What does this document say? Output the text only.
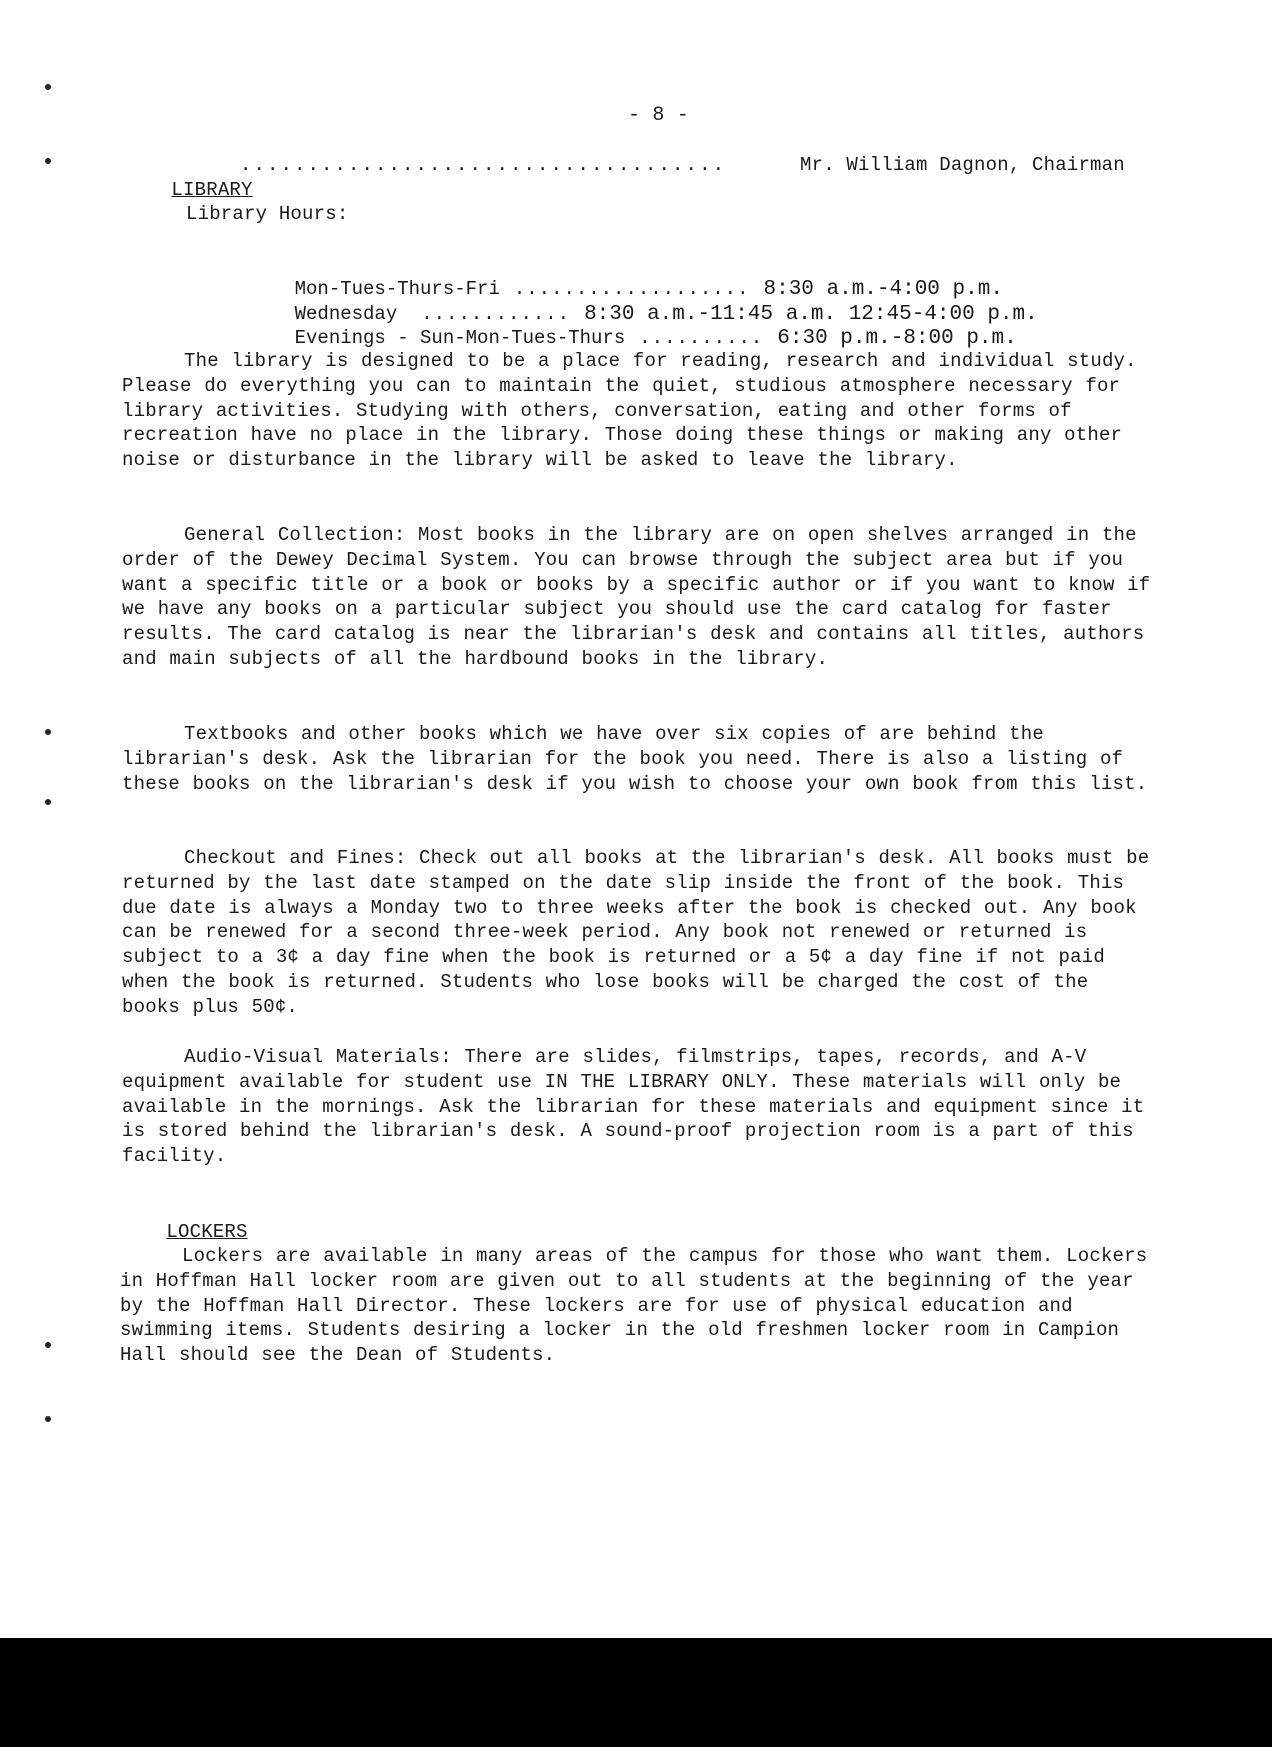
- 8 -

LIBRARY

....................................	Mr. William Dagnon, Chairman
Library Hours:

Mon-Tues-Thurs-Fri ................... 8:30 a.m.-4:00 p.m.

Wednesday ............ 8:30 a.m.-11:45 a.m. 12:45-4:00 p.m.

Evenings - Sun-Mon-Tues-Thurs .......... 6:30 p.m.-8:00 p.m.

The library is designed to be a place for reading, research and individual study. Please do everything you can to maintain the quiet, studious atmosphere necessary for library activities. Studying with others, conversation, eating and other forms of recreation have no place in the library. Those doing these things or making any other noise or disturbance in the library will be asked to leave the library.

General Collection: Most books in the library are on open shelves arranged in the order of the Dewey Decimal System. You can browse through the subject area but if you want a specific title or a book or books by a specific author or if you want to know if we have any books on a particular subject you should use the card catalog for faster results. The card catalog is near the librarian's desk and contains all titles, authors and main subjects of all the hardbound books in the library.

Textbooks and other books which we have over six copies of are behind the librarian's desk. Ask the librarian for the book you need. There is also a listing of these books on the librarian's desk if you wish to choose your own book from this list.

Checkout and Fines: Check out all books at the librarian's desk. All books must be returned by the last date stamped on the date slip inside the front of the book. This due date is always a Monday two to three weeks after the book is checked out. Any book can be renewed for a second three-week period. Any book not renewed or returned is subject to a 3¢ a day fine when the book is returned or a 5¢ a day fine if not paid when the book is returned. Students who lose books will be charged the cost of the books plus 50¢.

Audio-Visual Materials: There are slides, filmstrips, tapes, records, and A-V equipment available for student use IN THE LIBRARY ONLY. These materials will only be available in the mornings. Ask the librarian for these materials and equipment since it is stored behind the librarian's desk. A sound-proof projection room is a part of this facility.

LOCKERS

Lockers are available in many areas of the campus for those who want them. Lockers in Hoffman Hall locker room are given out to all students at the beginning of the year by the Hoffman Hall Director. These lockers are for use of physical education and swimming items. Students desiring a locker in the old freshmen locker room in Campion Hall should see the Dean of Students.
